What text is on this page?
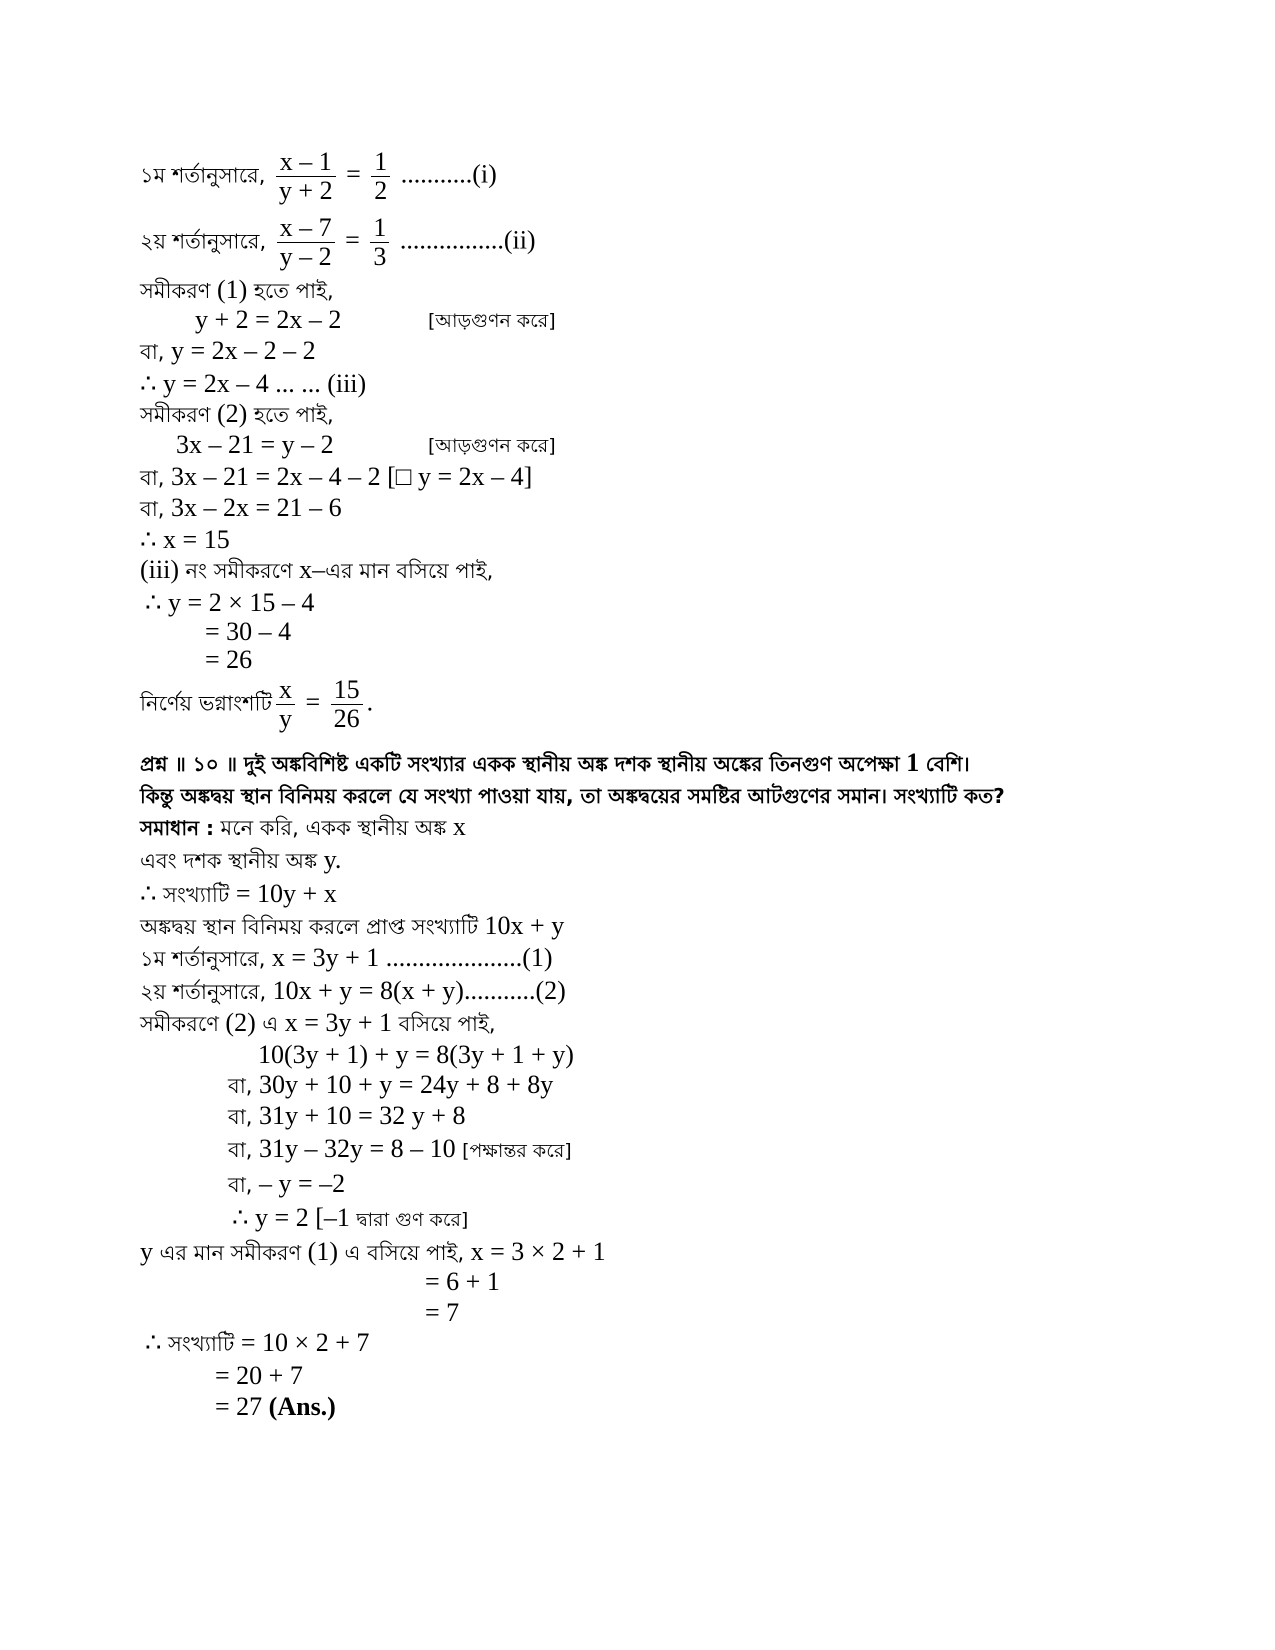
১ম শর্তানুসারে, $\frac{x - 1}{y + 2} = \frac{1}{2} ...........(i)$
২য় শর্তানুসারে, $\frac{x - 7}{y - 2} = \frac{1}{3} ................(ii)$
সমীকরণ (1) হতে পাই,
y + 2 = 2x – 2	[আড়গুণন করে]
বা, y = 2x – 2 – 2
∴ y = 2x – 4 ... ... (iii)
সমীকরণ (2) হতে পাই,
3x – 21 = y – 2	[আড়গুণন করে]
বা, 3x – 21 = 2x – 4 – 2 [□ y = 2x – 4]
বা, 3x – 2x = 21 – 6
∴ x = 15
(iii) নং সমীকরণে x–এর মান বসিয়ে পাই,
∴ y = 2 × 15 – 4
= 30 – 4
= 26
নির্ণেয় ভগ্নাংশটি $\frac{x}{y} = \frac{15}{26}$ .
প্রশ্ন ॥ ১০ ॥ দুই অঙ্কবিশিষ্ট একটি সংখ্যার একক স্থানীয় অঙ্ক দশক স্থানীয় অঙ্কের তিনগুণ অপেক্ষা 1 বেশি।
কিন্তু অঙ্কদ্বয় স্থান বিনিময় করলে যে সংখ্যা পাওয়া যায়, তা অঙ্কদ্বয়ের সমষ্টির আটগুণের সমান। সংখ্যাটি কত?
সমাধান : মনে করি, একক স্থানীয় অঙ্ক x
এবং দশক স্থানীয় অঙ্ক y.
∴ সংখ্যাটি = 10y + x
অঙ্কদ্বয় স্থান বিনিময় করলে প্রাপ্ত সংখ্যাটি 10x + y
১ম শর্তানুসারে, x = 3y + 1 .....................(1)
২য় শর্তানুসারে, 10x + y = 8(x + y)...........(2)
সমীকরণে (2) এ x = 3y + 1 বসিয়ে পাই,
10(3y + 1) + y = 8(3y + 1 + y)
বা, 30y + 10 + y = 24y + 8 + 8y
বা, 31y + 10 = 32 y + 8
বা, 31y – 32y = 8 – 10 [পক্ষান্তর করে]
বা, – y = –2
∴ y = 2 [–1 দ্বারা গুণ করে]
y এর মান সমীকরণ (1) এ বসিয়ে পাই, x = 3 × 2 + 1
= 6 + 1
= 7
∴ সংখ্যাটি = 10 × 2 + 7
= 20 + 7
= 27 (Ans.)
